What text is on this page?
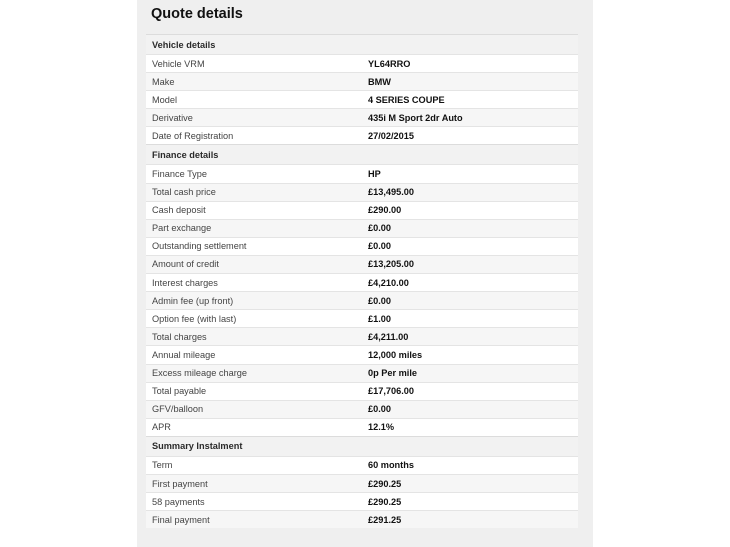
Quote details
Vehicle details
Vehicle VRM	YL64RRO
Make	BMW
Model	4 SERIES COUPE
Derivative	435i M Sport 2dr Auto
Date of Registration	27/02/2015
Finance details
Finance Type	HP
Total cash price	£13,495.00
Cash deposit	£290.00
Part exchange	£0.00
Outstanding settlement	£0.00
Amount of credit	£13,205.00
Interest charges	£4,210.00
Admin fee (up front)	£0.00
Option fee (with last)	£1.00
Total charges	£4,211.00
Annual mileage	12,000 miles
Excess mileage charge	0p Per mile
Total payable	£17,706.00
GFV/balloon	£0.00
APR	12.1%
Summary Instalment
Term	60 months
First payment	£290.25
58 payments	£290.25
Final payment	£291.25
